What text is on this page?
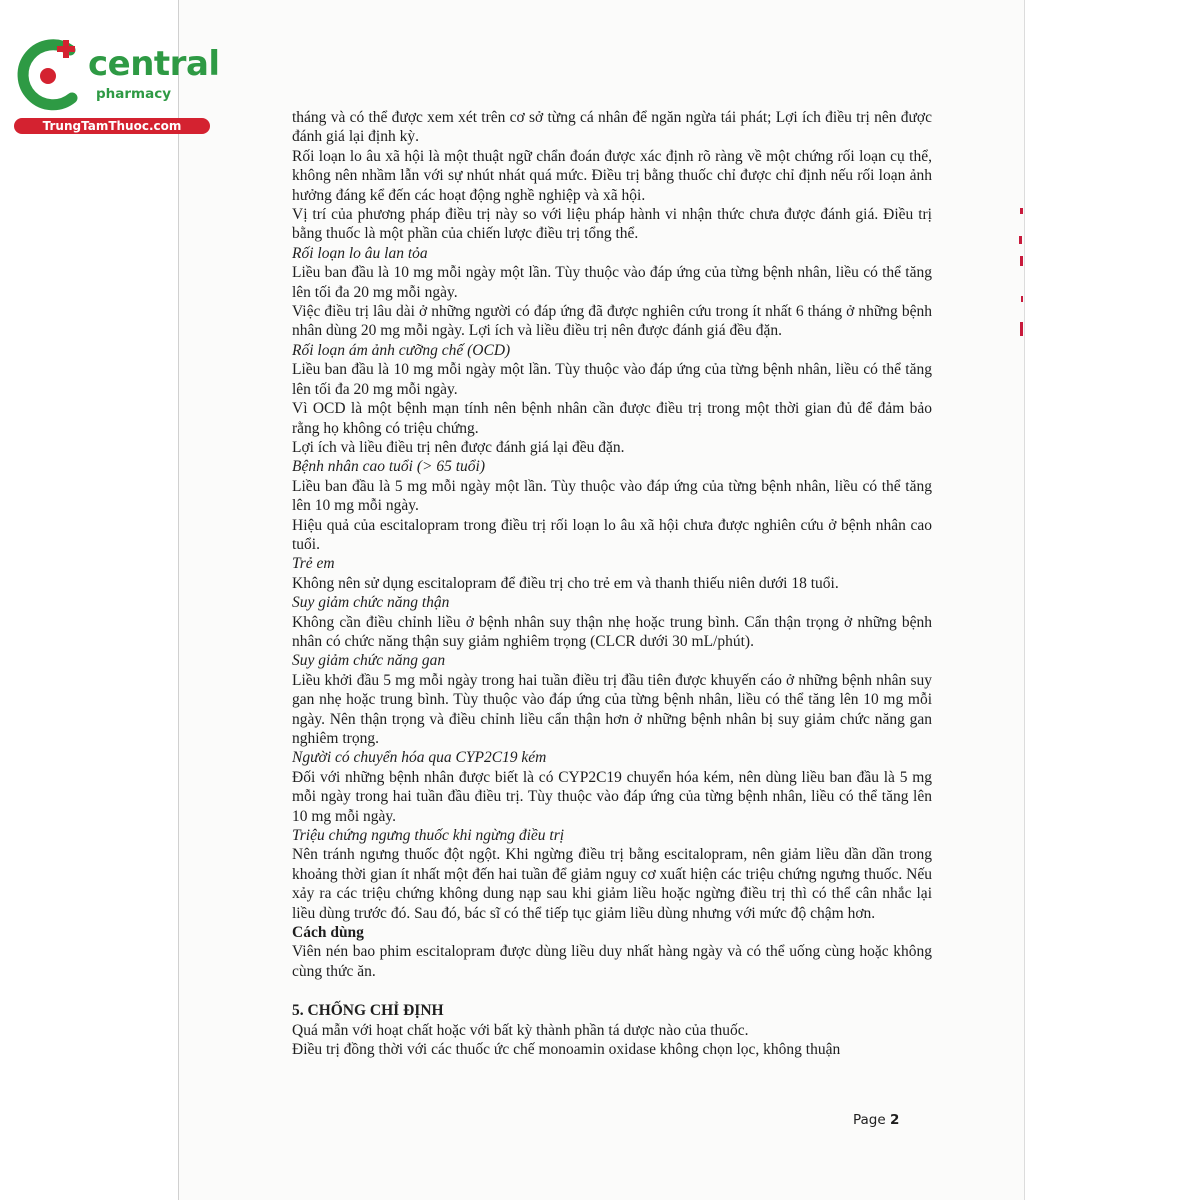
central
pharmacy
TrungTamThuoc.com	tháng và có thể được xem xét trên cơ sở từng cá nhân để ngăn ngừa tái phát; Lợi ích điều trị nên được đánh giá lại định kỳ.

Rối loạn lo âu xã hội là một thuật ngữ chẩn đoán được xác định rõ ràng về một chứng rối loạn cụ thể, không nên nhầm lẫn với sự nhút nhát quá mức. Điều trị bằng thuốc chỉ được chỉ định nếu rối loạn ảnh hưởng đáng kể đến các hoạt động nghề nghiệp và xã hội.

Vị trí của phương pháp điều trị này so với liệu pháp hành vi nhận thức chưa được đánh giá. Điều trị bằng thuốc là một phần của chiến lược điều trị tổng thể.

Rối loạn lo âu lan tỏa

Liều ban đầu là 10 mg mỗi ngày một lần. Tùy thuộc vào đáp ứng của từng bệnh nhân, liều có thể tăng lên tối đa 20 mg mỗi ngày.

Việc điều trị lâu dài ở những người có đáp ứng đã được nghiên cứu trong ít nhất 6 tháng ở những bệnh nhân dùng 20 mg mỗi ngày. Lợi ích và liều điều trị nên được đánh giá đều đặn.

Rối loạn ám ảnh cưỡng chế (OCD)

Liều ban đầu là 10 mg mỗi ngày một lần. Tùy thuộc vào đáp ứng của từng bệnh nhân, liều có thể tăng lên tối đa 20 mg mỗi ngày.

Vì OCD là một bệnh mạn tính nên bệnh nhân cần được điều trị trong một thời gian đủ để đảm bảo rằng họ không có triệu chứng.

Lợi ích và liều điều trị nên được đánh giá lại đều đặn.

Bệnh nhân cao tuổi (> 65 tuổi)

Liều ban đầu là 5 mg mỗi ngày một lần. Tùy thuộc vào đáp ứng của từng bệnh nhân, liều có thể tăng lên 10 mg mỗi ngày.

Hiệu quả của escitalopram trong điều trị rối loạn lo âu xã hội chưa được nghiên cứu ở bệnh nhân cao tuổi.

Trẻ em

Không nên sử dụng escitalopram để điều trị cho trẻ em và thanh thiếu niên dưới 18 tuổi.

Suy giảm chức năng thận

Không cần điều chỉnh liều ở bệnh nhân suy thận nhẹ hoặc trung bình. Cẩn thận trọng ở những bệnh nhân có chức năng thận suy giảm nghiêm trọng (CLCR dưới 30 mL/phút).

Suy giảm chức năng gan

Liều khởi đầu 5 mg mỗi ngày trong hai tuần điều trị đầu tiên được khuyến cáo ở những bệnh nhân suy gan nhẹ hoặc trung bình. Tùy thuộc vào đáp ứng của từng bệnh nhân, liều có thể tăng lên 10 mg mỗi ngày. Nên thận trọng và điều chỉnh liều cẩn thận hơn ở những bệnh nhân bị suy giảm chức năng gan nghiêm trọng.

Người có chuyển hóa qua CYP2C19 kém

Đối với những bệnh nhân được biết là có CYP2C19 chuyển hóa kém, nên dùng liều ban đầu là 5 mg mỗi ngày trong hai tuần đầu điều trị. Tùy thuộc vào đáp ứng của từng bệnh nhân, liều có thể tăng lên 10 mg mỗi ngày.

Triệu chứng ngưng thuốc khi ngừng điều trị

Nên tránh ngưng thuốc đột ngột. Khi ngừng điều trị bằng escitalopram, nên giảm liều dần dần trong khoảng thời gian ít nhất một đến hai tuần để giảm nguy cơ xuất hiện các triệu chứng ngưng thuốc. Nếu xảy ra các triệu chứng không dung nạp sau khi giảm liều hoặc ngừng điều trị thì có thể cân nhắc lại liều dùng trước đó. Sau đó, bác sĩ có thể tiếp tục giảm liều dùng nhưng với mức độ chậm hơn.

Cách dùng

Viên nén bao phim escitalopram được dùng liều duy nhất hàng ngày và có thể uống cùng hoặc không cùng thức ăn.

5. CHỐNG CHỈ ĐỊNH

Quá mẫn với hoạt chất hoặc với bất kỳ thành phần tá dược nào của thuốc.

Điều trị đồng thời với các thuốc ức chế monoamin oxidase không chọn lọc, không thuận

Page 2
